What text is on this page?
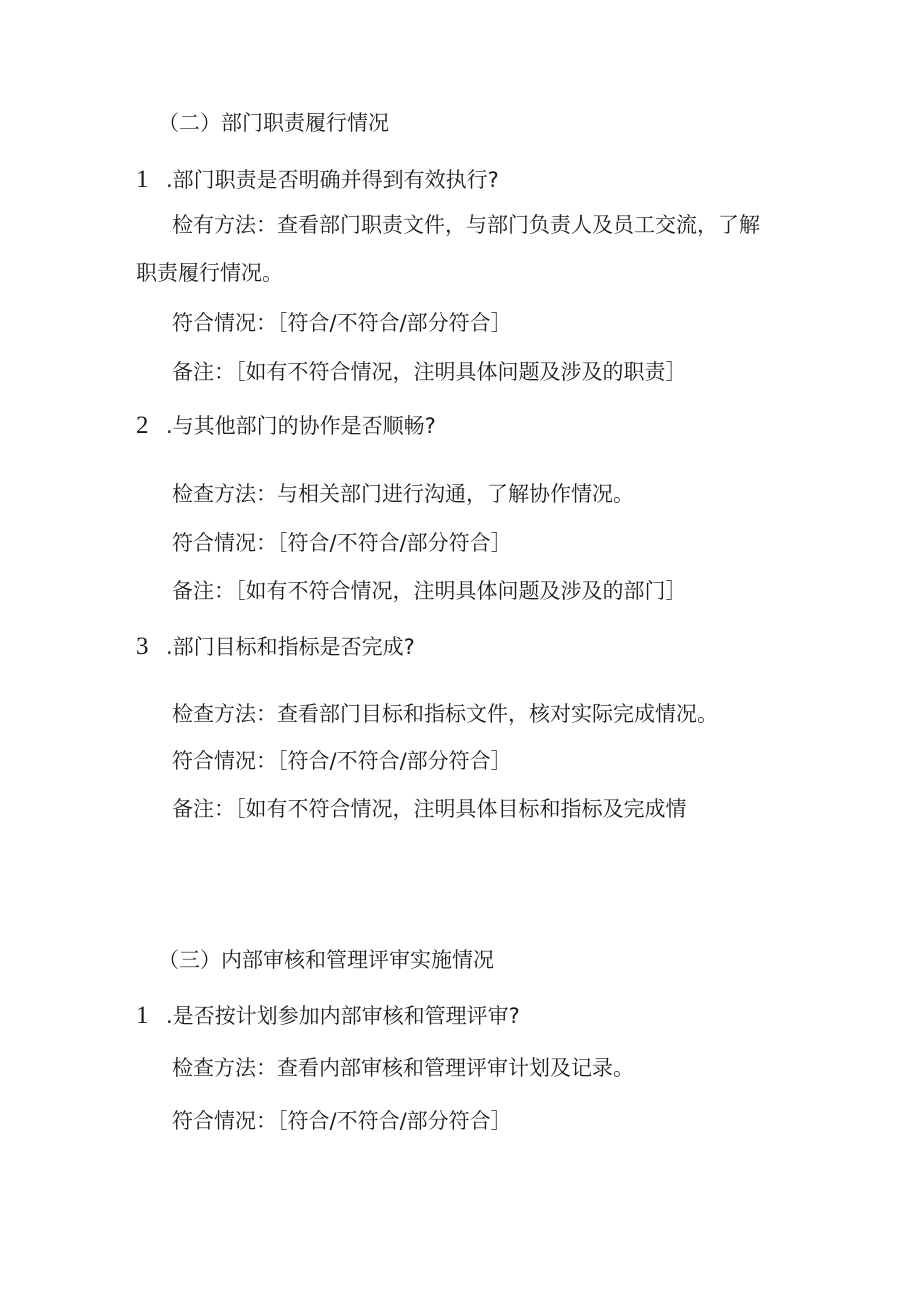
（二）部门职责履行情况
1 .部门职责是否明确并得到有效执行?
检有方法：查看部门职责文件，与部门负责人及员工交流，了解
职责履行情况。
符合情况：［符合/不符合/部分符合］
备注：［如有不符合情况，注明具体问题及涉及的职责］
2 .与其他部门的协作是否顺畅?
检查方法：与相关部门进行沟通，了解协作情况。
符合情况：［符合/不符合/部分符合］
备注：［如有不符合情况，注明具体问题及涉及的部门］
3 .部门目标和指标是否完成?
检查方法：查看部门目标和指标文件，核对实际完成情况。
符合情况：［符合/不符合/部分符合］
备注：［如有不符合情况，注明具体目标和指标及完成情
（三）内部审核和管理评审实施情况
1 .是否按计划参加内部审核和管理评审?
检查方法：查看内部审核和管理评审计划及记录。
符合情况：［符合/不符合/部分符合］
